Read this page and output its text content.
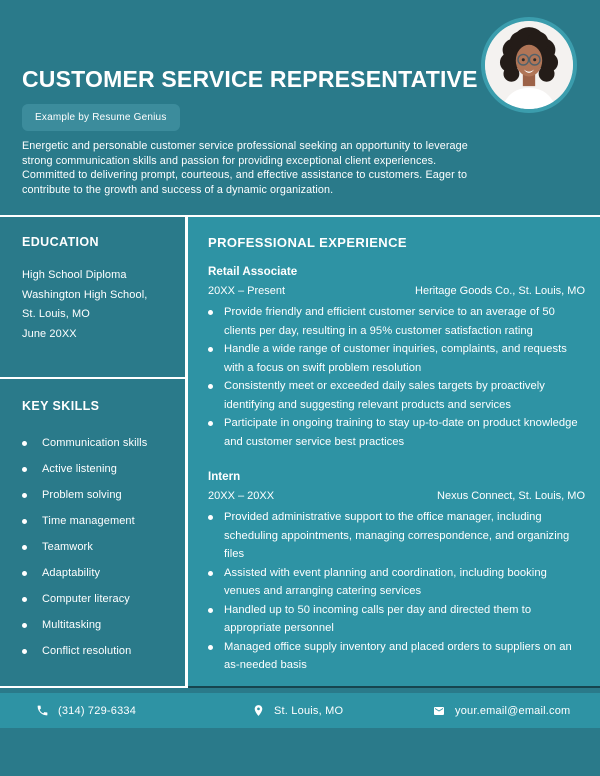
CUSTOMER SERVICE REPRESENTATIVE
Example by Resume Genius

Energetic and personable customer service professional seeking an opportunity to leverage strong communication skills and passion for providing exceptional client experiences. Committed to delivering prompt, courteous, and effective assistance to customers. Eager to contribute to the growth and success of a dynamic organization.

EDUCATION
High School Diploma
Washington High School,
St. Louis, MO
June 20XX
KEY SKILLS
Communication skills
Active listening
Problem solving
Time management
Teamwork
Adaptability
Computer literacy
Multitasking
Conflict resolution
PROFESSIONAL EXPERIENCE
Retail Associate
20XX – Present	Heritage Goods Co., St. Louis, MO
Provide friendly and efficient customer service to an average of 50 clients per day, resulting in a 95% customer satisfaction rating
Handle a wide range of customer inquiries, complaints, and requests with a focus on swift problem resolution
Consistently meet or exceeded daily sales targets by proactively identifying and suggesting relevant products and services
Participate in ongoing training to stay up-to-date on product knowledge and customer service best practices
Intern
20XX – 20XX	Nexus Connect, St. Louis, MO
Provided administrative support to the office manager, including scheduling appointments, managing correspondence, and organizing files
Assisted with event planning and coordination, including booking venues and arranging catering services
Handled up to 50 incoming calls per day and directed them to appropriate personnel
Managed office supply inventory and placed orders to suppliers on an as-needed basis
(314) 729-6334	St. Louis, MO	your.email@email.com
